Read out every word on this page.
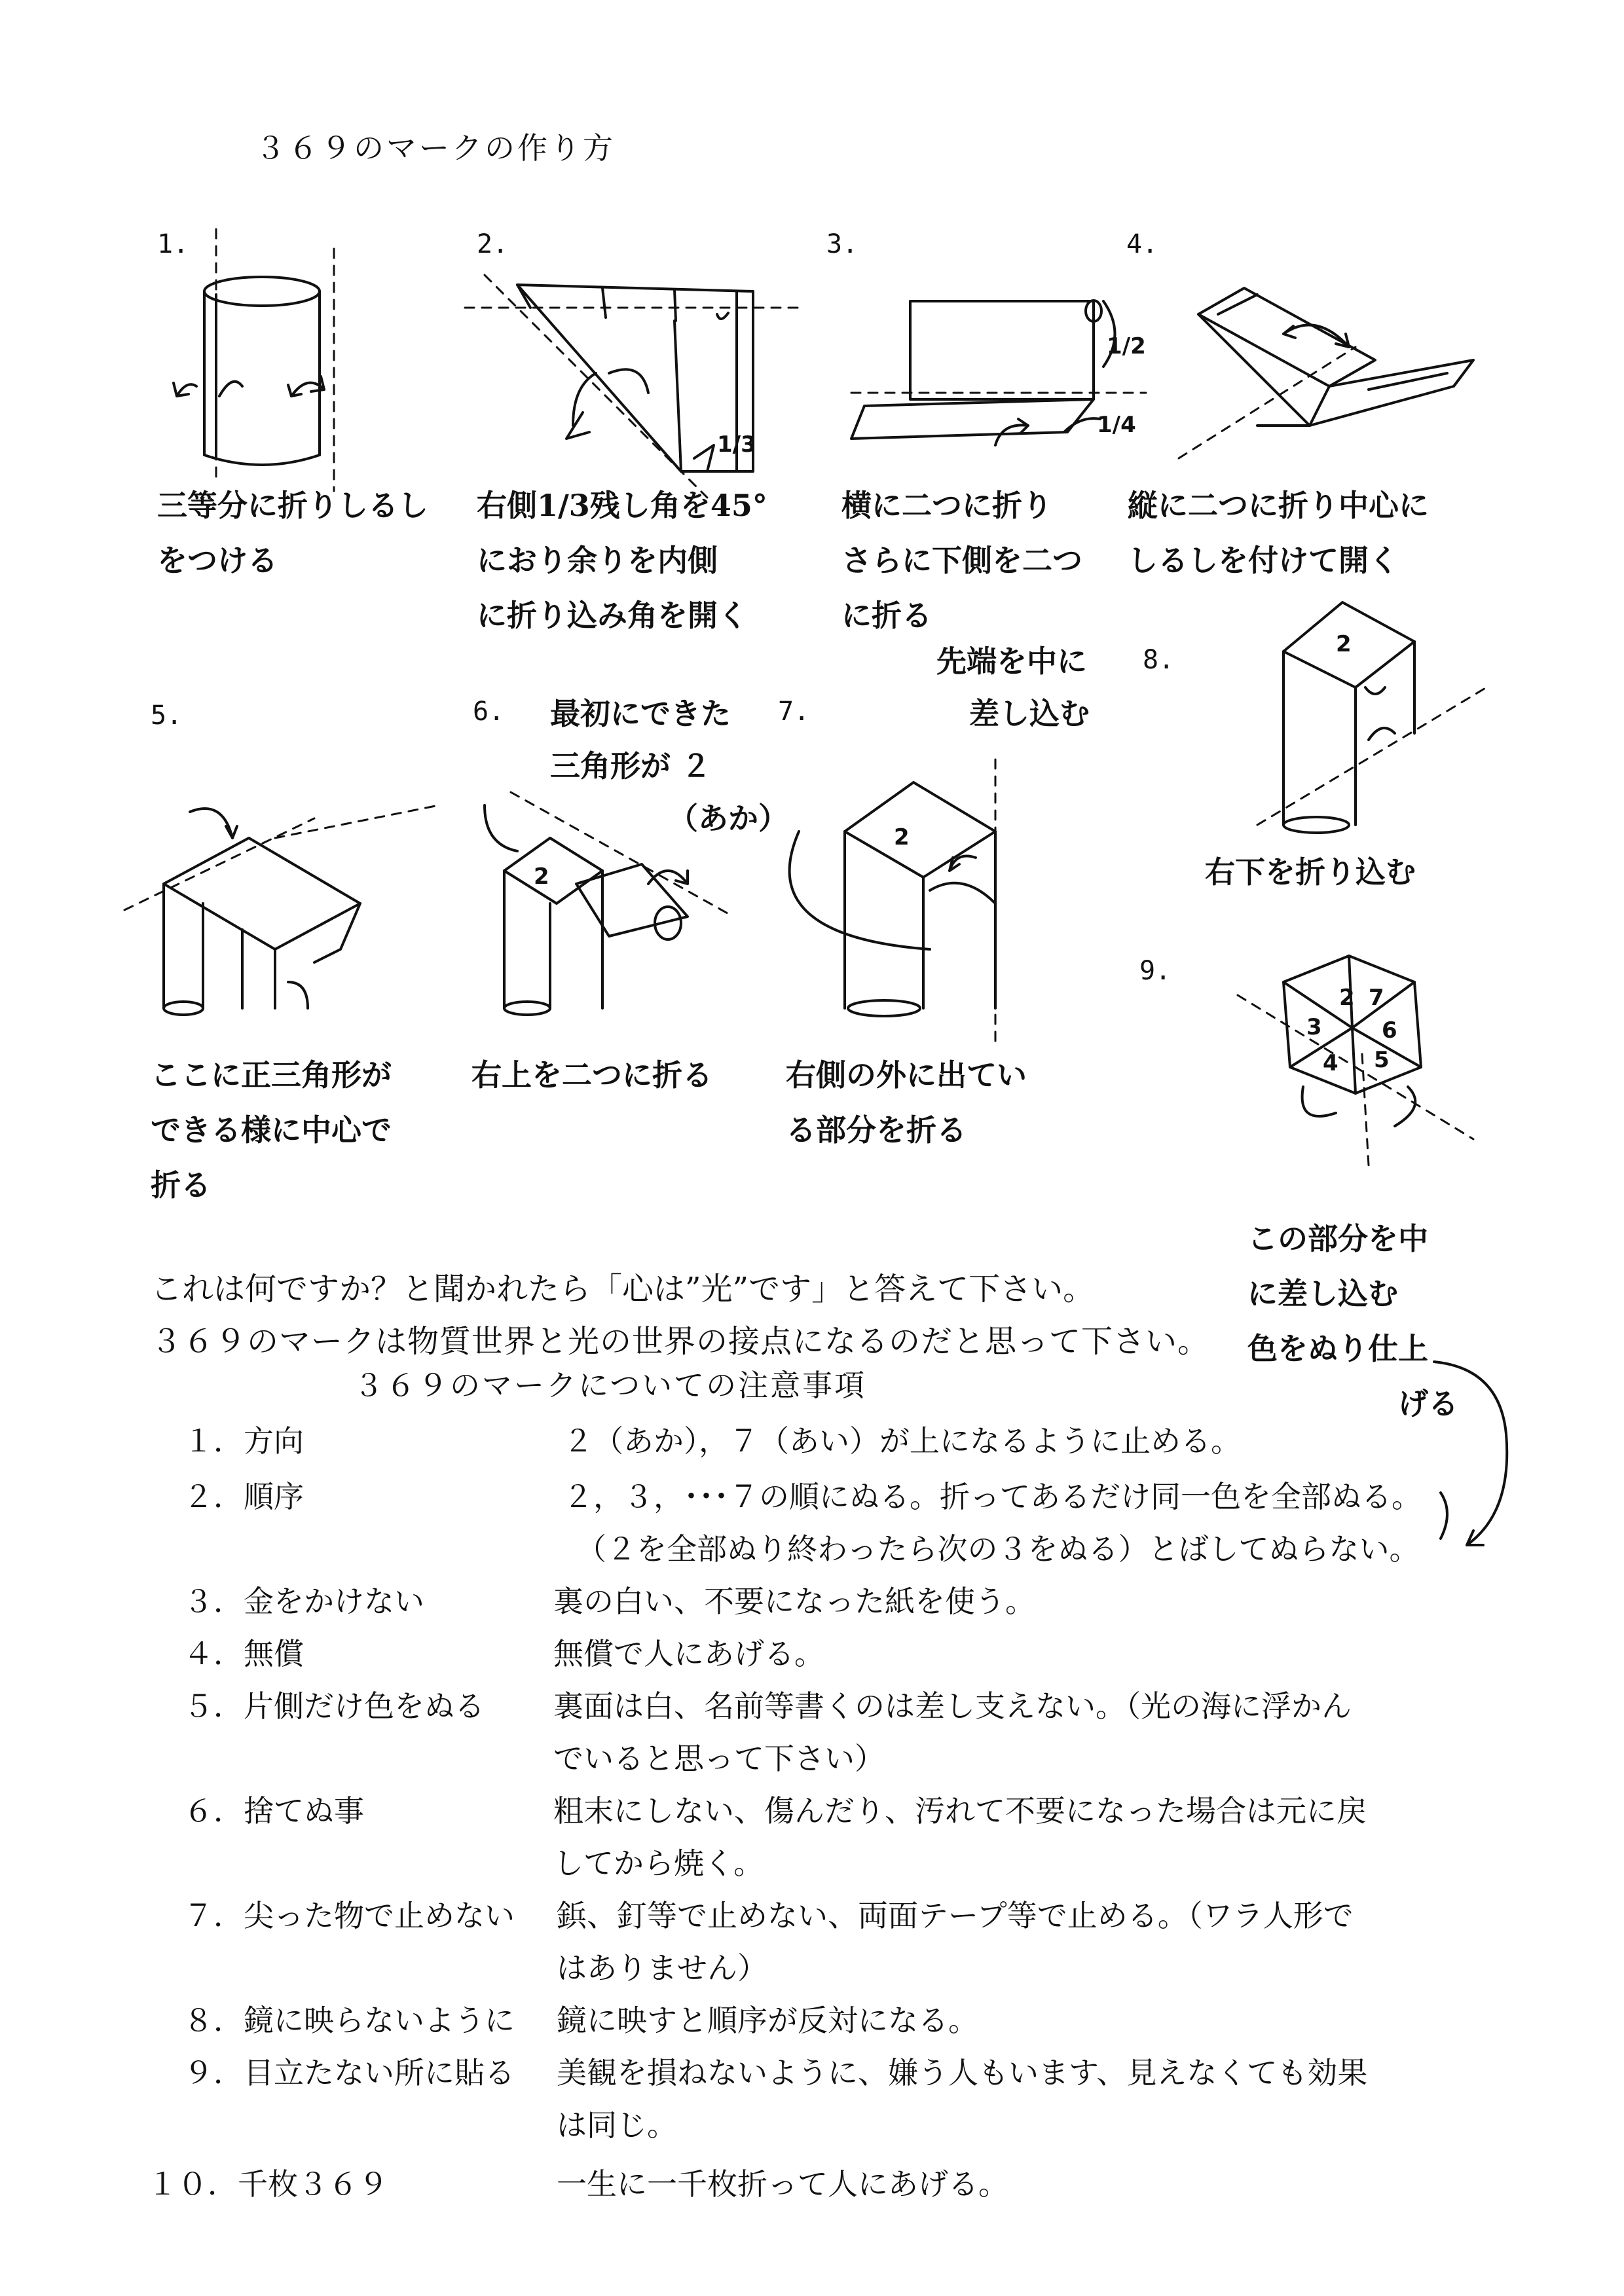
３６９のマークの作り方
1.	2.	3.	4.
5.	6.	7.
8.
9.
1/3
1/2
1/4
2
2
2
2 7
3	6
4 5
三等分に折りしるし
をつける
右側1/3残し角を45°
におり余りを内側
に折り込み角を開く
横に二つに折り
さらに下側を二つ
に折る
縦に二つに折り中心に
しるしを付けて開く
ここに正三角形が
できる様に中心で
折る
右上を二つに折る 右側の外に出てい
る部分を折る
右下を折り込む
最初にできた
三角形が ２
（あか）
先端を中に
差し込む
この部分を中
に差し込む
色をぬり仕上
げる
これは何ですか？と聞かれたら「心は”光”です」と答えて下さい。
３６９のマークは物質世界と光の世界の接点になるのだと思って下さい。
３６９のマークについての注意事項
１．方向	２（あか），７（あい）が上になるように止める。
２．順序	２，３，･･･７の順にぬる。折ってあるだけ同一色を全部ぬる。
（２を全部ぬり終わったら次の３をぬる）とばしてぬらない。
３．金をかけない	裏の白い、不要になった紙を使う。
４．無償	無償で人にあげる。
５．片側だけ色をぬる 裏面は白、名前等書くのは差し支えない。（光の海に浮かん
でいると思って下さい）
６．捨てぬ事	粗末にしない、傷んだり、汚れて不要になった場合は元に戻
してから焼く。
７．尖った物で止めない 鋲、釘等で止めない、両面テープ等で止める。（ワラ人形で
はありません）
８．鏡に映らないように 鏡に映すと順序が反対になる。
９．目立たない所に貼る 美観を損ねないように、嫌う人もいます、見えなくても効果
は同じ。
１０．千枚３６９	一生に一千枚折って人にあげる。
